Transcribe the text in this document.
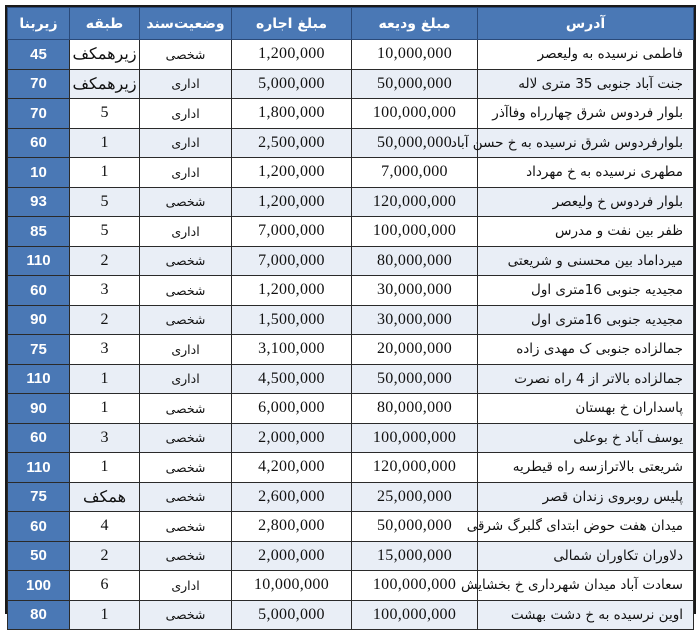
آدرس	مبلغ ودیعه	مبلغ اجاره	وضعیت‌سند	طبقه	زیربنا
فاطمی نرسیده به ولیعصر	10,000,000	1,200,000	شخصی	زیرهمکف	45
جنت آباد جنوبی 35 متری لاله	50,000,000	5,000,000	اداری	زیرهمکف	70
بلوار فردوس شرق چهارراه وفاآذر	100,000,000	1,800,000	اداری	5	70
بلوارفردوس شرق نرسیده به خ حسن آباد	50,000,000	2,500,000	اداری	1	60
مطهری نرسیده به خ مهرداد	7,000,000	1,200,000	اداری	1	10
بلوار فردوس خ ولیعصر	120,000,000	1,200,000	شخصی	5	93
ظفر بین نفت و مدرس	100,000,000	7,000,000	اداری	5	85
میرداماد بین محسنی و شریعتی	80,000,000	7,000,000	شخصی	2	110
مجیدیه جنوبی 16متری اول	30,000,000	1,200,000	شخصی	3	60
مجیدیه جنوبی 16متری اول	30,000,000	1,500,000	شخصی	2	90
جمالزاده جنوبی ک مهدی زاده	20,000,000	3,100,000	اداری	3	75
جمالزاده بالاتر از 4 راه نصرت	50,000,000	4,500,000	اداری	1	110
پاسداران خ بهستان	80,000,000	6,000,000	شخصی	1	90
یوسف آباد خ بوعلی	100,000,000	2,000,000	شخصی	3	60
شریعتی بالاترازسه راه قیطریه	120,000,000	4,200,000	شخصی	1	110
پلیس روبروی زندان قصر	25,000,000	2,600,000	شخصی	همکف	75
میدان هفت حوض ابتدای گلبرگ شرقی	50,000,000	2,800,000	شخصی	4	60
دلاوران تکاوران شمالی	15,000,000	2,000,000	شخصی	2	50
سعادت آباد میدان شهرداری خ بخشایش	100,000,000	10,000,000	اداری	6	100
اوین نرسیده به خ دشت بهشت	100,000,000	5,000,000	شخصی	1	80
